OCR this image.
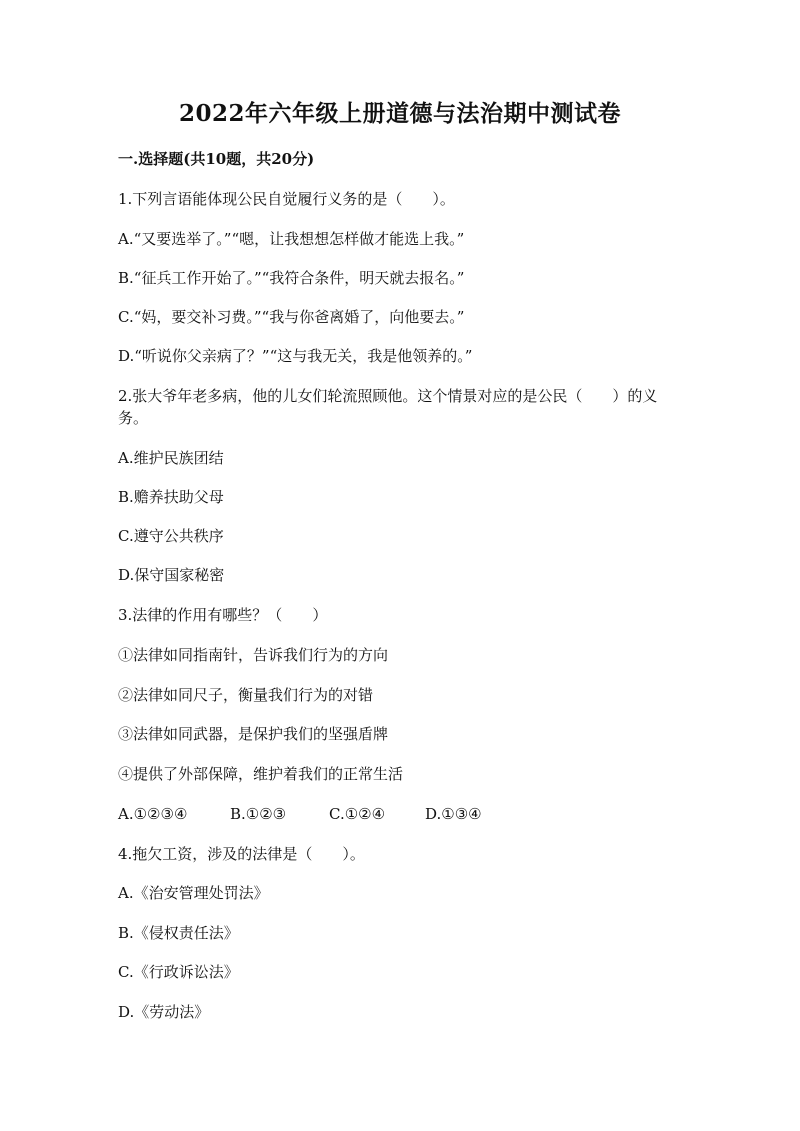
2022年六年级上册道德与法治期中测试卷
一.选择题(共10题，共20分)
1.下列言语能体现公民自觉履行义务的是（　　）。
A.“又要选举了。”“嗯，让我想想怎样做才能选上我。”
B.“征兵工作开始了。”“我符合条件，明天就去报名。”
C.“妈，要交补习费。”“我与你爸离婚了，向他要去。”
D.“听说你父亲病了？”“这与我无关，我是他领养的。”
2.张大爷年老多病，他的儿女们轮流照顾他。这个情景对应的是公民（　　）的义务。
A.维护民族团结
B.赡养扶助父母
C.遵守公共秩序
D.保守国家秘密
3.法律的作用有哪些？（　　）
①法律如同指南针，告诉我们行为的方向
②法律如同尺子，衡量我们行为的对错
③法律如同武器，是保护我们的坚强盾牌
④提供了外部保障，维护着我们的正常生活
A.①②③④	B.①②③	C.①②④	D.①③④
4.拖欠工资，涉及的法律是（　　）。
A.《治安管理处罚法》
B.《侵权责任法》
C.《行政诉讼法》
D.《劳动法》
